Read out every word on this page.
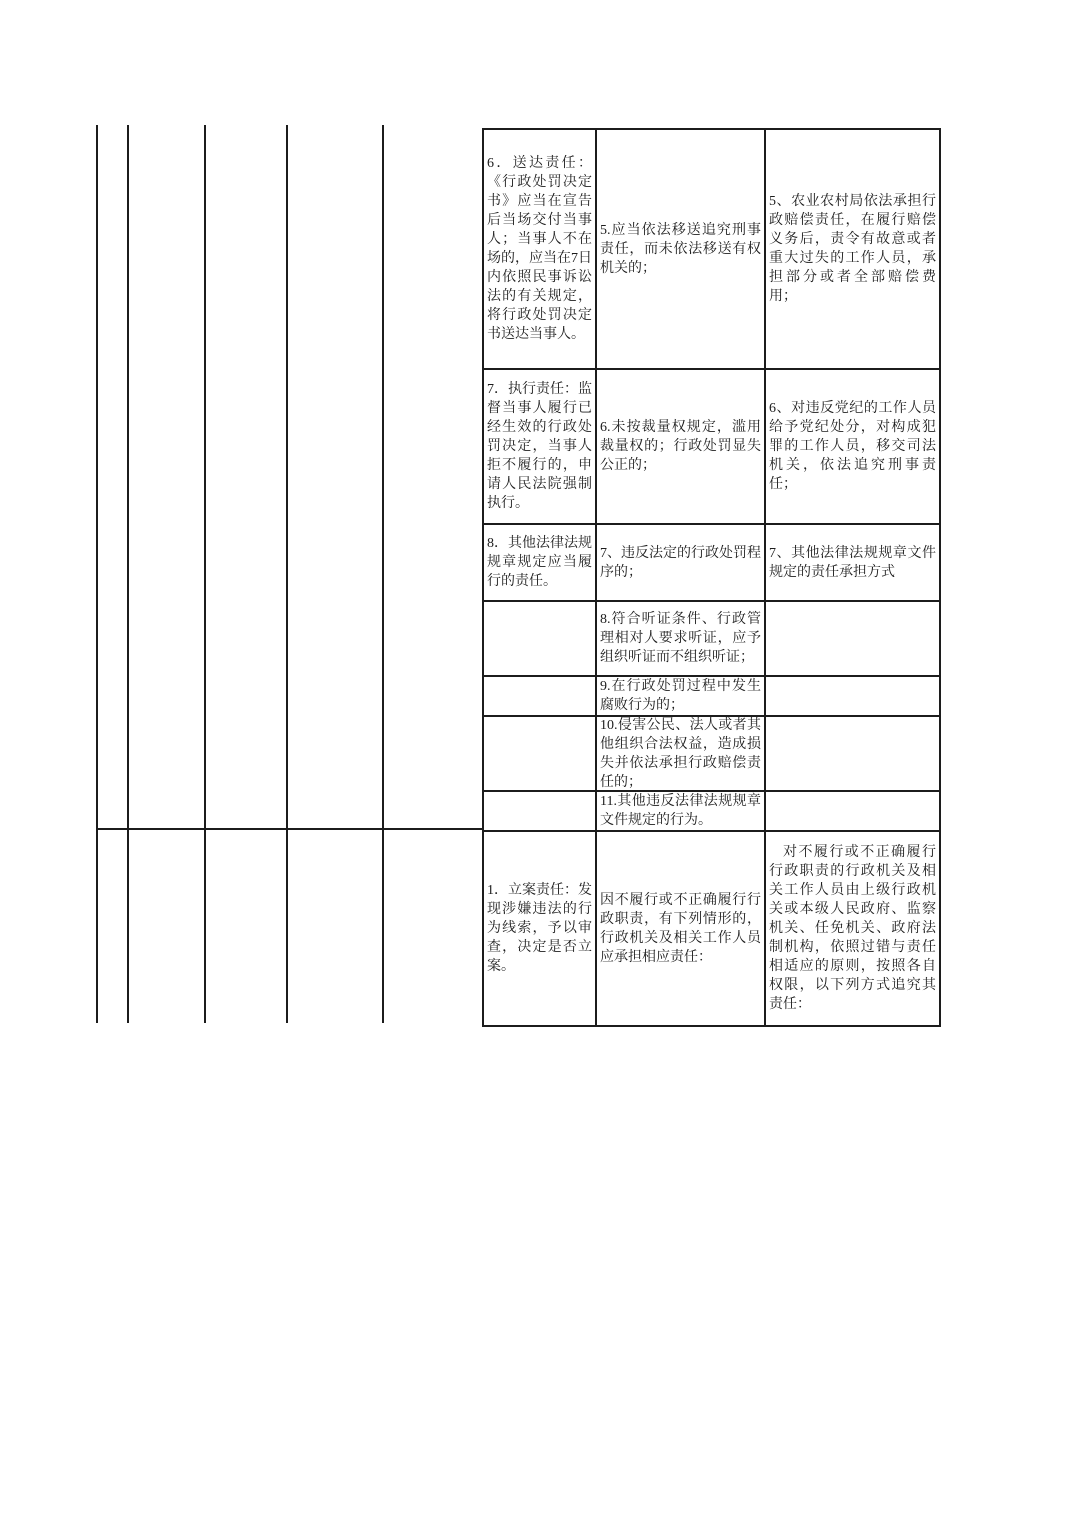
6．送达责任：《行政处罚决定书》应当在宣告后当场交付当事人；当事人不在场的，应当在7日内依照民事诉讼法的有关规定，将行政处罚决定书送达当事人。
5.应当依法移送追究刑事责任，而未依法移送有权机关的；
5、农业农村局依法承担行政赔偿责任，在履行赔偿义务后，责令有故意或者重大过失的工作人员，承担部分或者全部赔偿费用；
7．执行责任：监督当事人履行已经生效的行政处罚决定，当事人拒不履行的，申请人民法院强制执行。
6.未按裁量权规定，滥用裁量权的；行政处罚显失公正的；
6、对违反党纪的工作人员给予党纪处分，对构成犯罪的工作人员，移交司法机关，依法追究刑事责任；
8．其他法律法规规章规定应当履行的责任。
7、违反法定的行政处罚程序的；
7、其他法律法规规章文件规定的责任承担方式
8.符合听证条件、行政管理相对人要求听证，应予组织听证而不组织听证；
9.在行政处罚过程中发生腐败行为的；
10.侵害公民、法人或者其他组织合法权益，造成损失并依法承担行政赔偿责任的；
11.其他违反法律法规规章文件规定的行为。
1．立案责任：发现涉嫌违法的行为线索，予以审查，决定是否立案。
因不履行或不正确履行行政职责，有下列情形的，行政机关及相关工作人员应承担相应责任：
对不履行或不正确履行行政职责的行政机关及相关工作人员由上级行政机关或本级人民政府、监察机关、任免机关、政府法制机构，依照过错与责任相适应的原则，按照各自权限，以下列方式追究其责任：
